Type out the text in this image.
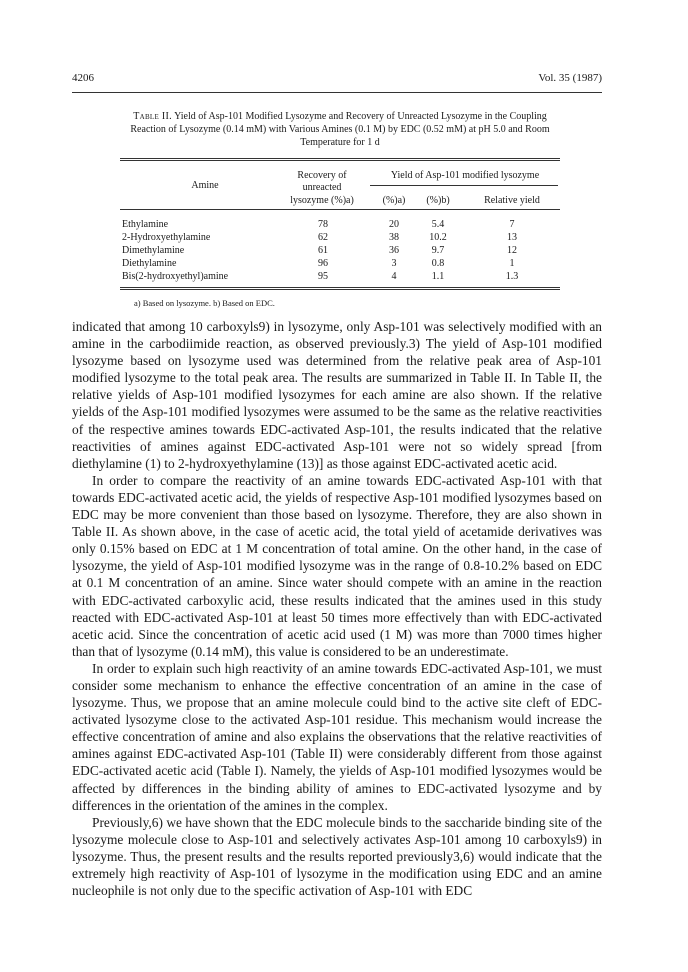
4206	Vol. 35 (1987)
Table II. Yield of Asp-101 Modified Lysozyme and Recovery of Unreacted Lysozyme in the Coupling Reaction of Lysozyme (0.14 mM) with Various Amines (0.1 M) by EDC (0.52 mM) at pH 5.0 and Room Temperature for 1 d
Amine
Recovery of
unreacted
lysozyme (%)a)
Yield of Asp-101 modified lysozyme
(%)a)	(%)b)	Relative yield
Ethylamine	78	20	5.4	7
2-Hydroxyethylamine	62	38	10.2	13
Dimethylamine	61	36	9.7	12
Diethylamine	96	3	0.8	1
Bis(2-hydroxyethyl)amine	95	4	1.1	1.3
a) Based on lysozyme. b) Based on EDC.

indicated that among 10 carboxyls9) in lysozyme, only Asp-101 was selectively modified with an amine in the carbodiimide reaction, as observed previously.3) The yield of Asp-101 modified lysozyme based on lysozyme used was determined from the relative peak area of Asp-101 modified lysozyme to the total peak area. The results are summarized in Table II. In Table II, the relative yields of Asp-101 modified lysozymes for each amine are also shown. If the relative yields of the Asp-101 modified lysozymes were assumed to be the same as the relative reactivities of the respective amines towards EDC-activated Asp-101, the results indicated that the relative reactivities of amines against EDC-activated Asp-101 were not so widely spread [from diethylamine (1) to 2-hydroxyethylamine (13)] as those against EDC-activated acetic acid.

In order to compare the reactivity of an amine towards EDC-activated Asp-101 with that towards EDC-activated acetic acid, the yields of respective Asp-101 modified lysozymes based on EDC may be more convenient than those based on lysozyme. Therefore, they are also shown in Table II. As shown above, in the case of acetic acid, the total yield of acetamide derivatives was only 0.15% based on EDC at 1 M concentration of total amine. On the other hand, in the case of lysozyme, the yield of Asp-101 modified lysozyme was in the range of 0.8-10.2% based on EDC at 0.1 M concentration of an amine. Since water should compete with an amine in the reaction with EDC-activated carboxylic acid, these results indicated that the amines used in this study reacted with EDC-activated Asp-101 at least 50 times more effectively than with EDC-activated acetic acid. Since the concentration of acetic acid used (1 M) was more than 7000 times higher than that of lysozyme (0.14 mM), this value is considered to be an underestimate.

In order to explain such high reactivity of an amine towards EDC-activated Asp-101, we must consider some mechanism to enhance the effective concentration of an amine in the case of lysozyme. Thus, we propose that an amine molecule could bind to the active site cleft of EDC-activated lysozyme close to the activated Asp-101 residue. This mechanism would increase the effective concentration of amine and also explains the observations that the relative reactivities of amines against EDC-activated Asp-101 (Table II) were considerably different from those against EDC-activated acetic acid (Table I). Namely, the yields of Asp-101 modified lysozymes would be affected by differences in the binding ability of amines to EDC-activated lysozyme and by differences in the orientation of the amines in the complex.

Previously,6) we have shown that the EDC molecule binds to the saccharide binding site of the lysozyme molecule close to Asp-101 and selectively activates Asp-101 among 10 carboxyls9) in lysozyme. Thus, the present results and the results reported previously3,6) would indicate that the extremely high reactivity of Asp-101 of lysozyme in the modification using EDC and an amine nucleophile is not only due to the specific activation of Asp-101 with EDC
